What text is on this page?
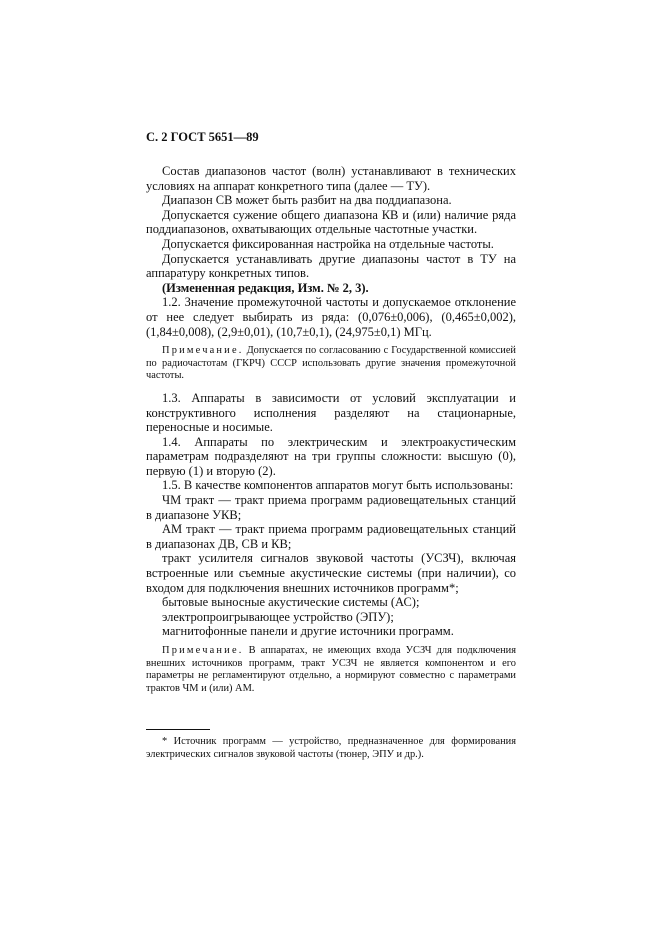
С. 2 ГОСТ 5651—89

Состав диапазонов частот (волн) устанавливают в технических условиях на аппарат конкретного типа (далее — ТУ).

Диапазон СВ может быть разбит на два поддиапазона.

Допускается сужение общего диапазона КВ и (или) наличие ряда поддиапазонов, охватывающих отдельные частотные участки.

Допускается фиксированная настройка на отдельные частоты.

Допускается устанавливать другие диапазоны частот в ТУ на аппаратуру конкретных типов.

(Измененная редакция, Изм. № 2, 3).

1.2. Значение промежуточной частоты и допускаемое отклонение от нее следует выбирать из ряда: (0,076±0,006), (0,465±0,002), (1,84±0,008), (2,9±0,01), (10,7±0,1), (24,975±0,1) МГц.

Примечание. Допускается по согласованию с Государственной комиссией по радиочастотам (ГКРЧ) СССР использовать другие значения промежуточной частоты.

1.3. Аппараты в зависимости от условий эксплуатации и конструктивного исполнения разделяют на стационарные, переносные и носимые.

1.4. Аппараты по электрическим и электроакустическим параметрам подразделяют на три группы сложности: высшую (0), первую (1) и вторую (2).

1.5. В качестве компонентов аппаратов могут быть использованы:

ЧМ тракт — тракт приема программ радиовещательных станций в диапазоне УКВ;

АМ тракт — тракт приема программ радиовещательных станций в диапазонах ДВ, СВ и КВ;

тракт усилителя сигналов звуковой частоты (УСЗЧ), включая встроенные или съемные акустические системы (при наличии), со входом для подключения внешних источников программ*;

бытовые выносные акустические системы (АС);

электропроигрывающее устройство (ЭПУ);

магнитофонные панели и другие источники программ.

Примечание. В аппаратах, не имеющих входа УСЗЧ для подключения внешних источников программ, тракт УСЗЧ не является компонентом и его параметры не регламентируют отдельно, а нормируют совместно с параметрами трактов ЧМ и (или) АМ.

* Источник программ — устройство, предназначенное для формирования электрических сигналов звуковой частоты (тюнер, ЭПУ и др.).
